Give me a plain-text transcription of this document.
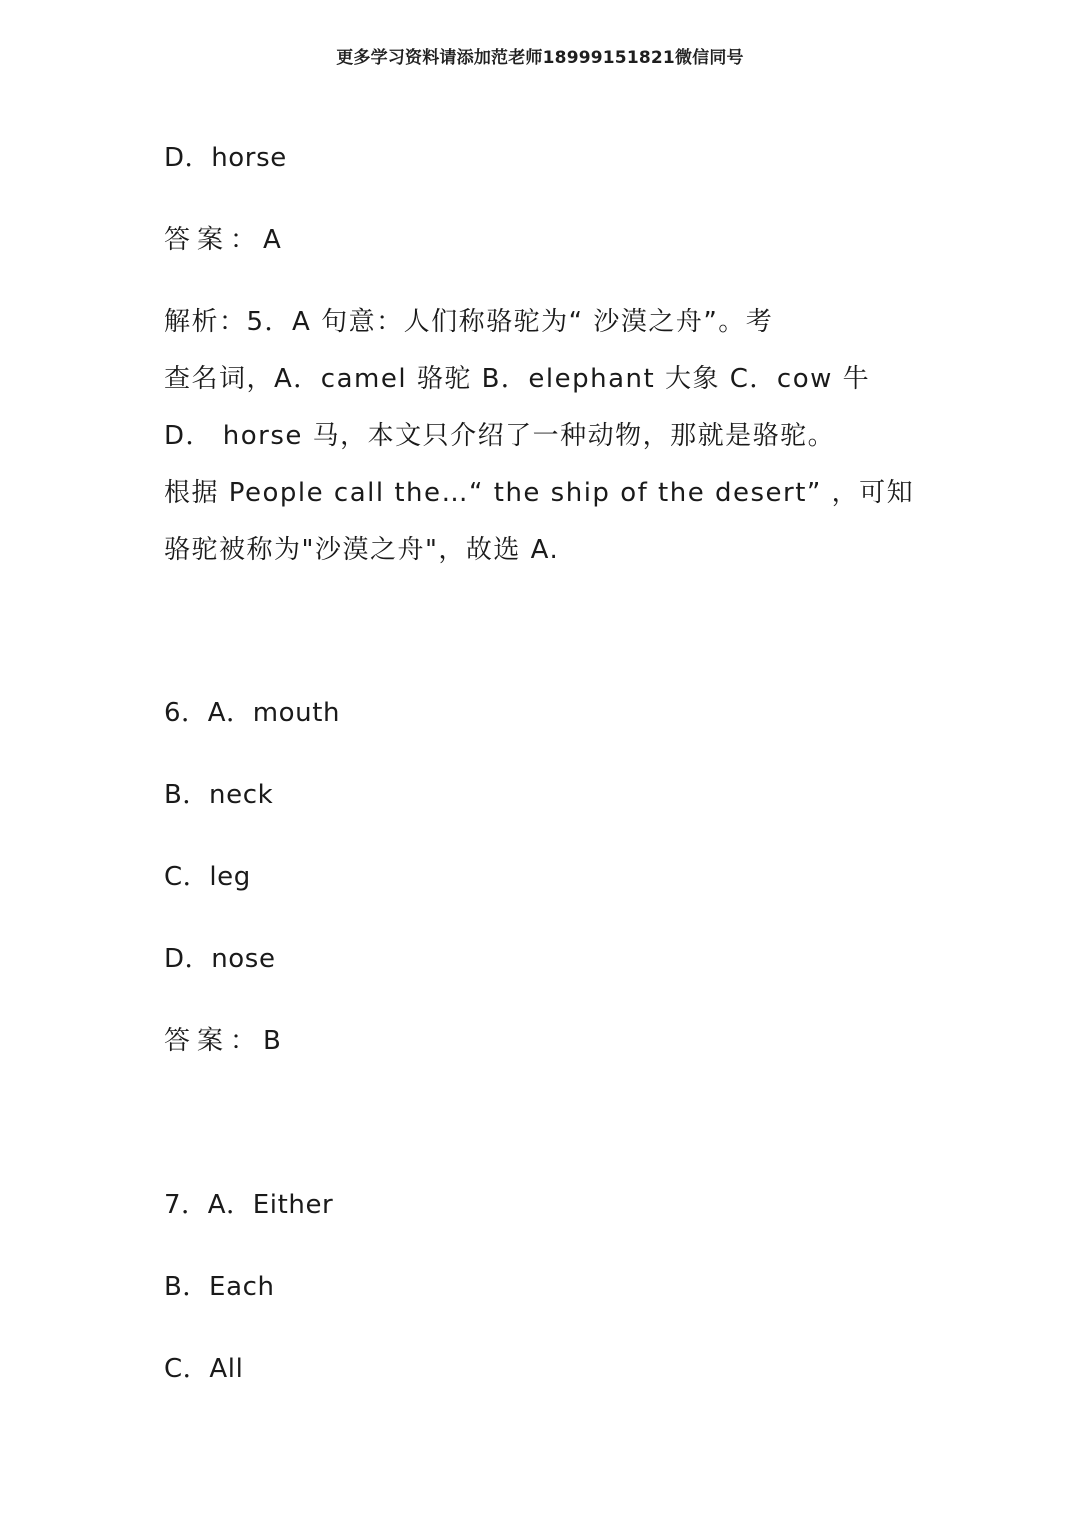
更多学习资料请添加范老师18999151821微信同号
D．horse
答案：A
解析：5．A 句意：人们称骆驼为“ 沙漠之舟”。考
查名词，A．camel 骆驼 B．elephant 大象 C．cow 牛
D． horse 马，本文只介绍了一种动物，那就是骆驼。
根据 People call the…“ the ship of the desert” ，可知
骆驼被称为"沙漠之舟"，故选 A.
6．A．mouth
B．neck
C．leg
D．nose
答案：B
7．A．Either
B．Each
C．All
